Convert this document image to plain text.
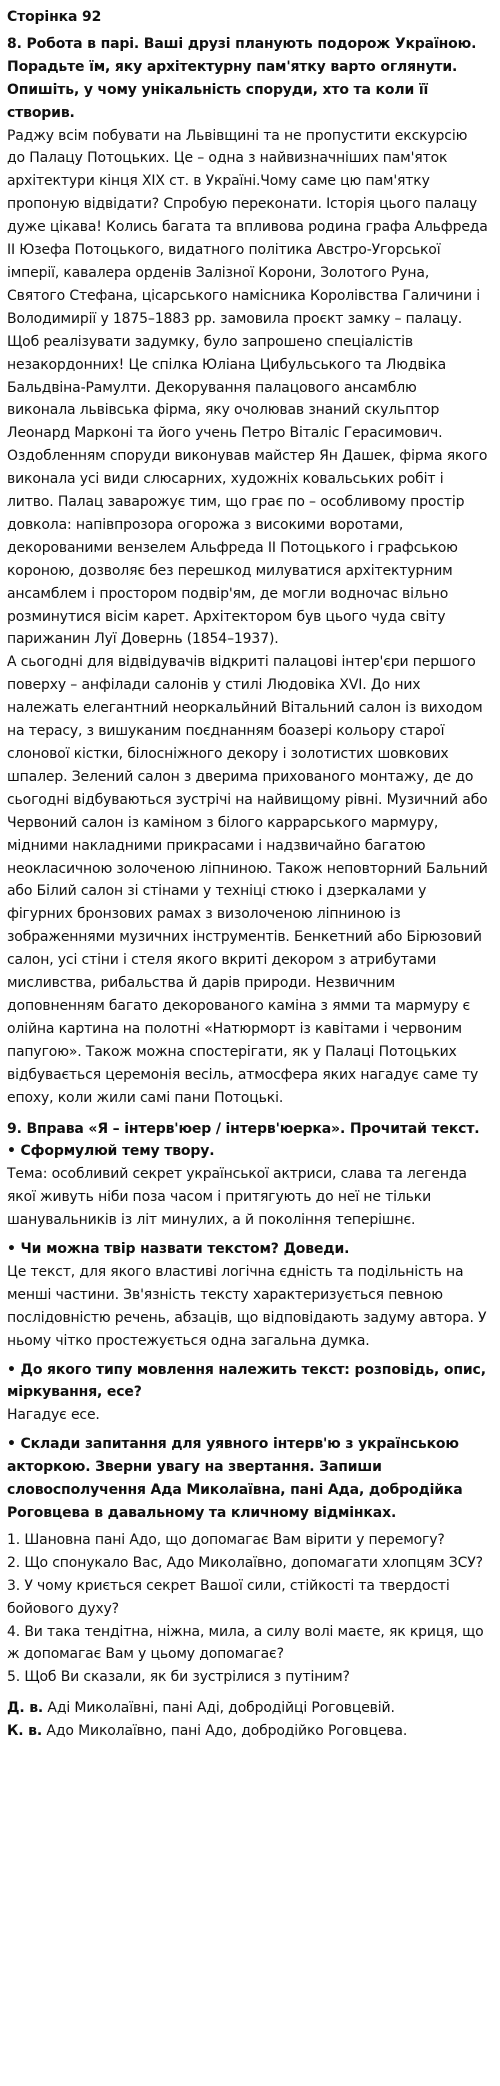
Сторінка 92

8. Робота в парі. Ваші друзі планують подорож Україною. Порадьте їм, яку архітектурну пам'ятку варто оглянути. Опишіть, у чому унікальність споруди, хто та коли її створив.

Раджу всім побувати на Львівщині та не пропустити екскурсію до Палацу Потоцьких. Це – одна з найвизначніших пам'яток архітектури кінця XIX ст. в Україні.Чому саме цю пам'ятку пропоную відвідати? Спробую переконати. Історія цього палацу дуже цікава! Колись багата та впливова родина графа Альфреда II Юзефа Потоцького, видатного політика Австро-Угорської імперії, кавалера орденів Залізної Корони, Золотого Руна, Святого Стефана, цісарського намісника Королівства Галичини і Володимирії у 1875–1883 рр. замовила проєкт замку – палацу. Щоб реалізувати задумку, було запрошено спеціалістів незакордонних! Це спілка Юліана Цибульського та Людвіка Бальдвіна-Рамулти. Декорування палацового ансамблю виконала львівська фірма, яку очолював знаний скульптор Леонард Марконі та його учень Петро Віталіс Герасимович. Оздобленням споруди виконував майстер Ян Дашек, фірма якого виконала усі види слюсарних, художніх ковальських робіт і литво. Палац заварожує тим, що грає по – особливому простір довкола: напівпрозора огорожа з високими воротами, декорованими вензелем Альфреда II Потоцького і графською короною, дозволяє без перешкод милуватися архітектурним ансамблем і простором подвір'ям, де могли водночас вільно розминутися вісім карет. Архітектором був цього чуда світу парижанин Луї Довернь (1854–1937).

А сьогодні для відвідувачів відкриті палацові інтер'єри першого поверху – анфілади салонів у стилі Людовіка XVI. До них належать елегантний неоркальйний Вітальний салон із виходом на терасу, з вишуканим поєднанням боазері кольору старої слонової кістки, білосніжного декору і золотистих шовкових шпалер. Зелений салон з дверима прихованого монтажу, де до сьогодні відбуваються зустрічі на найвищому рівні. Музичний або Червоний салон із каміном з білого каррарського мармуру, мідними накладними прикрасами і надзвичайно багатою неокласичною золоченою ліпниною. Також неповторний Бальний або Білий салон зі стінами у техніці стюко і дзеркалами у фігурних бронзових рамах з визолоченою ліпниною із зображеннями музичних інструментів. Бенкетний або Бірюзовий салон, усі стіни і стеля якого вкриті декором з атрибутами мисливства, рибальства й дарів природи. Незвичним доповненням багато декорованого каміна з ямми та мармуру є олійна картина на полотні «Натюрморт із кавітами і червоним папугою». Також можна спостерігати, як у Палаці Потоцьких відбувається церемонія весіль, атмосфера яких нагадує саме ту епоху, коли жили самі пани Потоцькі.

9. Вправа «Я – інтерв'юер / інтерв'юерка». Прочитай текст.

• Сформулюй тему твору.

Тема: особливий секрет української актриси, слава та легенда якої живуть ніби поза часом і притягують до неї не тільки шанувальників із літ минулих, а й покоління теперішнє.

• Чи можна твір назвати текстом? Доведи.

Це текст, для якого властиві логічна єдність та подільність на менші частини. Зв'язність тексту характеризується певною послідовністю речень, абзаців, що відповідають задуму автора. У ньому чітко простежується одна загальна думка.

• До якого типу мовлення належить текст: розповідь, опис, міркування, есе?

Нагадує есе.

• Склади запитання для уявного інтерв'ю з українською акторкою. Зверни увагу на звертання. Запиши словосполучення Ада Миколаївна, пані Ада, добродійка Роговцева в давальному та кличному відмінках.

1. Шановна пані Адо, що допомагає Вам вірити у перемогу?

2. Що спонукало Вас, Адо Миколаївно, допомагати хлопцям ЗСУ?

3. У чому криється секрет Вашої сили, стійкості та твердості бойового духу?

4. Ви така тендітна, ніжна, мила, а силу волі маєте, як криця, що ж допомагає Вам у цьому допомагає?

5. Щоб Ви сказали, як би зустрілися з путіним?

Д. в. Аді Миколаївні, пані Аді, добродійці Роговцевій.

К. в. Адо Миколаївно, пані Адо, добродійко Роговцева.
